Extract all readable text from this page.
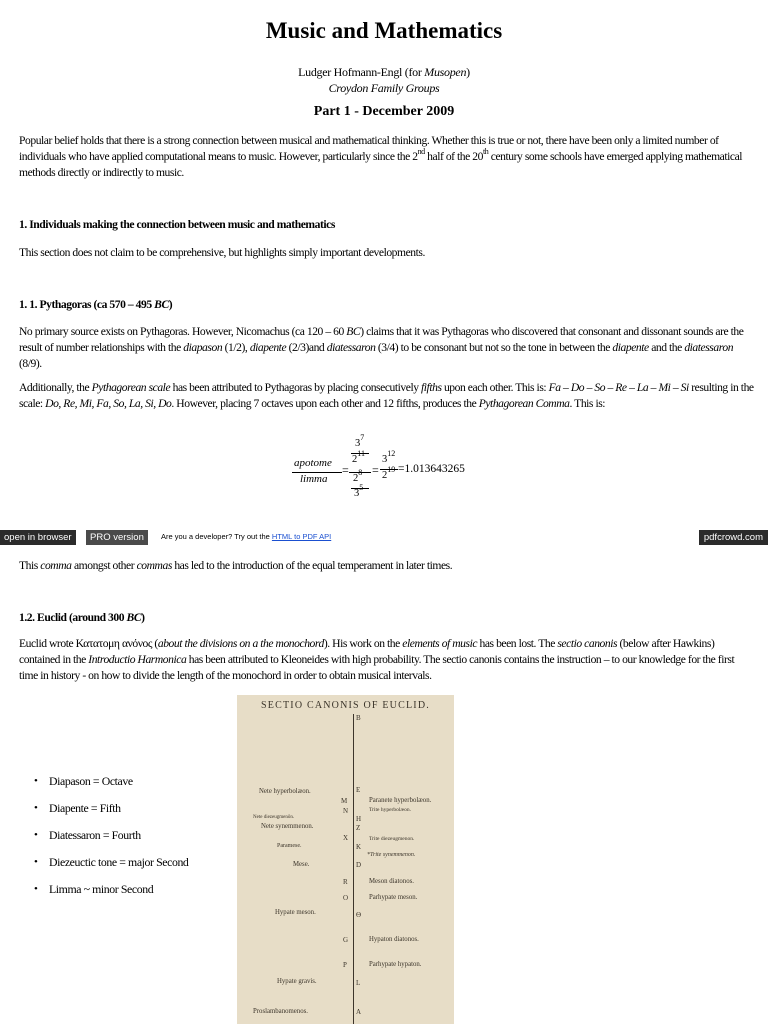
Music and Mathematics
Ludger Hofmann-Engl (for Musopen)
Croydon Family Groups
Part 1 - December 2009
Popular belief holds that there is a strong connection between musical and mathematical thinking. Whether this is true or not, there have been only a limited number of individuals who have applied computational means to music. However, particularly since the 2nd half of the 20th century some schools have emerged applying mathematical methods directly or indirectly to music.
1. Individuals making the connection between music and mathematics
This section does not claim to be comprehensive, but highlights simply important developments.
1. 1. Pythagoras (ca 570 – 495 BC)
No primary source exists on Pythagoras. However, Nicomachus (ca 120 – 60 BC) claims that it was Pythagoras who discovered that consonant and dissonant sounds are the result of number relationships with the diapason (1/2), diapente (2/3)and diatessaron (3/4) to be consonant but not so the tone in between the diapente and the diatessaron (8/9).
Additionally, the Pythagorean scale has been attributed to Pythagoras by placing consecutively fifths upon each other. This is: Fa – Do – So – Re – La – Mi – Si resulting in the scale: Do, Re, Mi, Fa, So, La, Si, Do. However, placing 7 octaves upon each other and 12 fifths, produces the Pythagorean Comma. This is:
apotome
limma
=
$3^7$
$2^{11}$
$2^8$
$3^5$
=
$3^{12}$
$2^{19} =1.013643265$
open in browser	PRO version	Are you a developer? Try out the HTML to PDF API	pdfcrowd.com
This comma amongst other commas has led to the introduction of the equal temperament in later times.
1.2. Euclid (around 300 BC)
Euclid wrote Κατατομη ανόνος (about the divisions on a the monochord). His work on the elements of music has been lost. The sectio canonis (below after Hawkins) contained in the Introductio Harmonica has been attributed to Kleoneides with high probability. The sectio canonis contains the instruction – to our knowledge for the first time in history - on how to divide the length of the monochord in order to obtain musical intervals.
• Diapason = Octave
• Diapente = Fifth
• Diatessaron = Fourth
• Diezeuctic tone = major Second
• Limma ~ minor Second
SECTIO CANONIS OF EUCLID.
Nete hyperbolæon.
Nete diezeugmenôn.
Nete synemmenon.
Paramese.
Mese.
Hypate meson.
Hypate gravis.
Proslambanomenos.
Paranete hyperbolæon.
Trite hyperbolæon.
Trite diezeugmenon.
*Trite synemmenon.
Meson diatonos.
Parhypate meson.
Hypaton diatonos.
Parhypate hypaton.
B
E
M
N
H
Z
X
K
D
R
O
Θ
G
P
L
A
